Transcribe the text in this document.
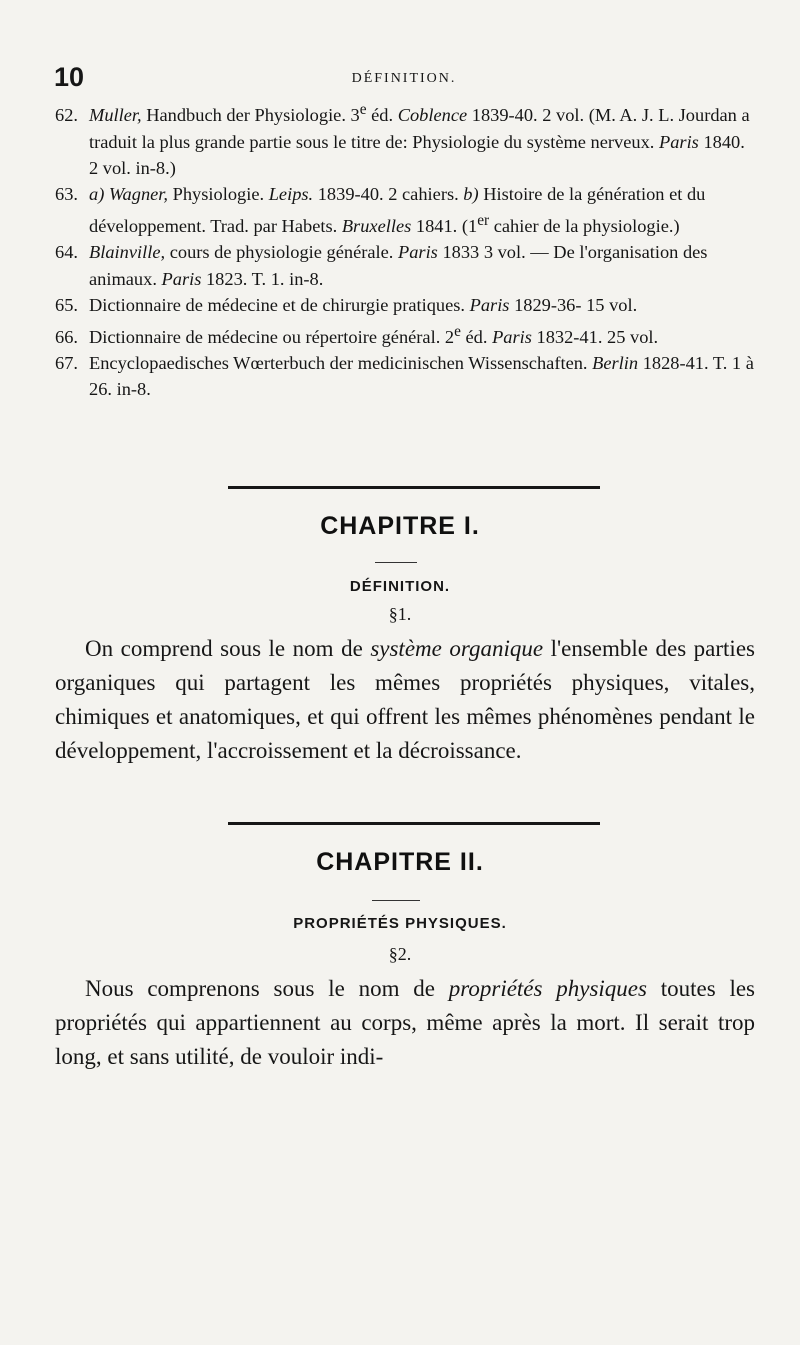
10	DÉFINITION.

62. Muller, Handbuch der Physiologie. 3e éd. Coblence 1839-40. 2 vol. (M. A. J. L. Jourdan a traduit la plus grande partie sous le titre de: Physiologie du système nerveux. Paris 1840. 2 vol. in-8.)

63. a) Wagner, Physiologie. Leips. 1839-40. 2 cahiers. b) Histoire de la génération et du développement. Trad. par Habets. Bruxelles 1841. (1er cahier de la physiologie.)

64. Blainville, cours de physiologie générale. Paris 1833 3 vol. — De l'organisation des animaux. Paris 1823. T. 1. in-8.

65. Dictionnaire de médecine et de chirurgie pratiques. Paris 1829-36- 15 vol.

66. Dictionnaire de médecine ou répertoire général. 2e éd. Paris 1832-41. 25 vol.

67. Encyclopaedisches Wœrterbuch der medicinischen Wissenschaften. Berlin 1828-41. T. 1 à 26. in-8.

CHAPITRE I.
DÉFINITION.
§1.

On comprend sous le nom de système organique l'ensemble des parties organiques qui partagent les mêmes propriétés physiques, vitales, chimiques et anatomiques, et qui offrent les mêmes phénomènes pendant le développement, l'accroissement et la décroissance.

CHAPITRE II.
PROPRIÉTÉS PHYSIQUES.
§2.

Nous comprenons sous le nom de propriétés physiques toutes les propriétés qui appartiennent au corps, même après la mort. Il serait trop long, et sans utilité, de vouloir indi-
